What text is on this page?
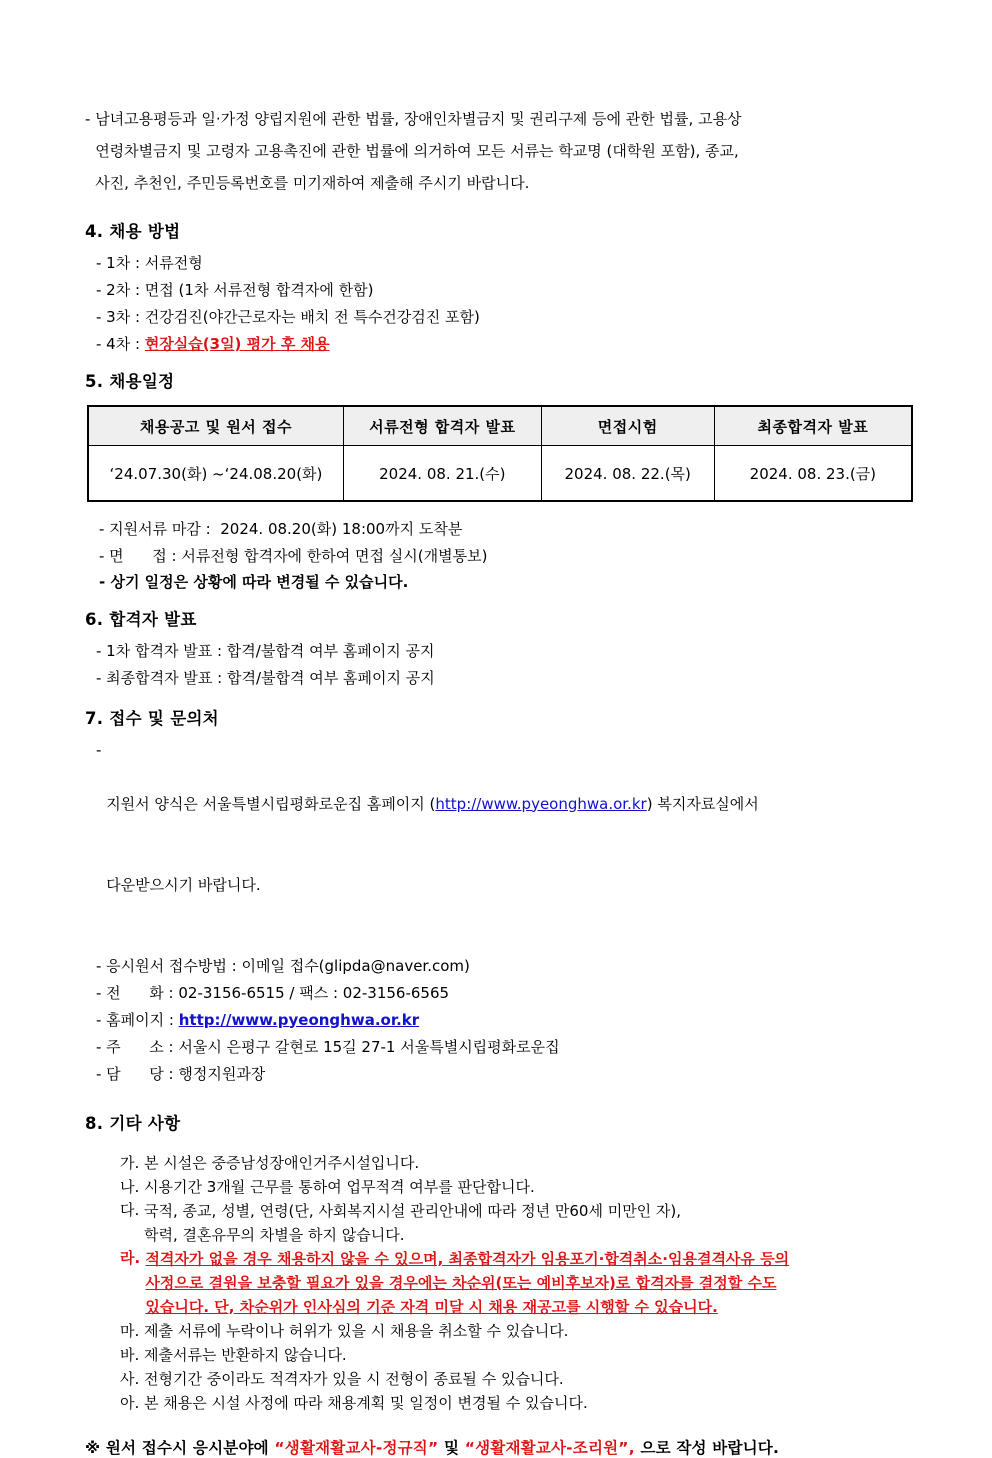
- 남녀고용평등과 일·가정 양립지원에 관한 법률, 장애인차별금지 및 권리구제 등에 관한 법률, 고용상
연령차별금지 및 고령자 고용촉진에 관한 법률에 의거하여 모든 서류는 학교명 (대학원 포함), 종교,
사진, 추천인, 주민등록번호를 미기재하여 제출해 주시기 바랍니다.
4. 채용 방법
- 1차 : 서류전형
- 2차 : 면접 (1차 서류전형 합격자에 한함)
- 3차 : 건강검진(야간근로자는 배치 전 특수건강검진 포함)
- 4차 : 현장실습(3일) 평가 후 채용
5. 채용일정
채용공고 및 원서 접수	서류전형 합격자 발표	면접시험	최종합격자 발표
‘24.07.30(화) ~‘24.08.20(화)	2024. 08. 21.(수)	2024. 08. 22.(목)	2024. 08. 23.(금)
- 지원서류 마감 :  2024. 08.20(화) 18:00까지 도착분
- 면      접 : 서류전형 합격자에 한하여 면접 실시(개별통보)
- 상기 일정은 상황에 따라 변경될 수 있습니다.
6. 합격자 발표
- 1차 합격자 발표 : 합격/불합격 여부 홈페이지 공지
- 최종합격자 발표 : 합격/불합격 여부 홈페이지 공지
7. 접수 및 문의처
-

지원서 양식은 서울특별시립평화로운집 홈페이지 (http://www.pyeonghwa.or.kr) 복지자료실에서

다운받으시기 바랍니다.

- 응시원서 접수방법 : 이메일 접수(glipda@naver.com)
- 전      화 : 02-3156-6515 / 팩스 : 02-3156-6565
- 홈페이지 : http://www.pyeonghwa.or.kr
- 주      소 : 서울시 은평구 갈현로 15길 27-1 서울특별시립평화로운집
- 담      당 : 행정지원과장
8. 기타 사항
가. 본 시설은 중증남성장애인거주시설입니다.
나. 시용기간 3개월 근무를 통하여 업무적격 여부를 판단합니다.
다. 국적, 종교, 성별, 연령(단, 사회복지시설 관리안내에 따라 정년 만60세 미만인 자),
학력, 결혼유무의 차별을 하지 않습니다.
라. 적격자가 없을 경우 채용하지 않을 수 있으며, 최종합격자가 임용포기·합격취소·임용결격사유 등의
사정으로 결원을 보충할 필요가 있을 경우에는 차순위(또는 예비후보자)로 합격자를 결정할 수도
있습니다. 단, 차순위가 인사심의 기준 자격 미달 시 채용 재공고를 시행할 수 있습니다.
마. 제출 서류에 누락이나 허위가 있을 시 채용을 취소할 수 있습니다.
바. 제출서류는 반환하지 않습니다.
사. 전형기간 중이라도 적격자가 있을 시 전형이 종료될 수 있습니다.
아. 본 채용은 시설 사정에 따라 채용계획 및 일정이 변경될 수 있습니다.
※ 원서 접수시 응시분야에 “생활재활교사-정규직” 및 “생활재활교사-조리원”, 으로 작성 바랍니다.
